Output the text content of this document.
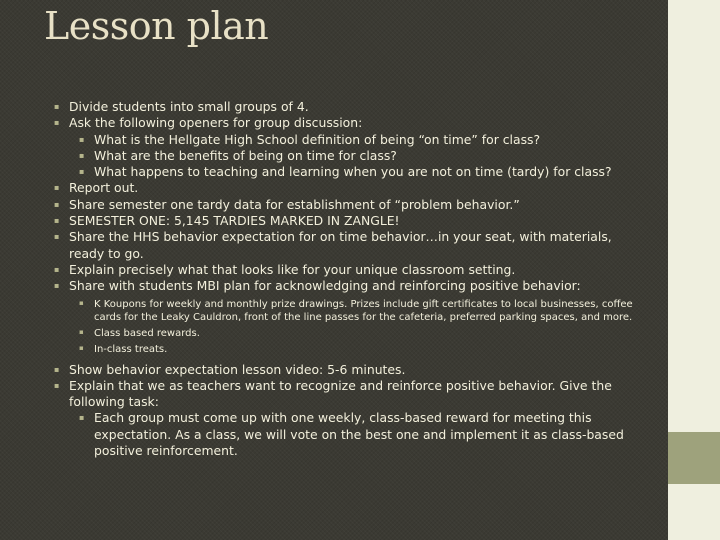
Lesson plan
▪ Divide students into small groups of 4.
▪ Ask the following openers for group discussion:
▪ What is the Hellgate High School definition of being “on time” for class?
▪ What are the benefits of being on time for class?
▪ What happens to teaching and learning when you are not on time (tardy) for class?
▪ Report out.
▪ Share semester one tardy data for establishment of “problem behavior.”
▪ SEMESTER ONE: 5,145 TARDIES MARKED IN ZANGLE!
▪ Share the HHS behavior expectation for on time behavior…in your seat, with materials, ready to go.
▪ Explain precisely what that looks like for your unique classroom setting.
▪ Share with students MBI plan for acknowledging and reinforcing positive behavior:
▪ K Koupons for weekly and monthly prize drawings. Prizes include gift certificates to local businesses, coffee cards for the Leaky Cauldron, front of the line passes for the cafeteria, preferred parking spaces, and more.
▪ Class based rewards.
▪ In-class treats.
▪ Show behavior expectation lesson video: 5-6 minutes.
▪ Explain that we as teachers want to recognize and reinforce positive behavior. Give the following task:
▪ Each group must come up with one weekly, class-based reward for meeting this expectation. As a class, we will vote on the best one and implement it as class-based positive reinforcement.
